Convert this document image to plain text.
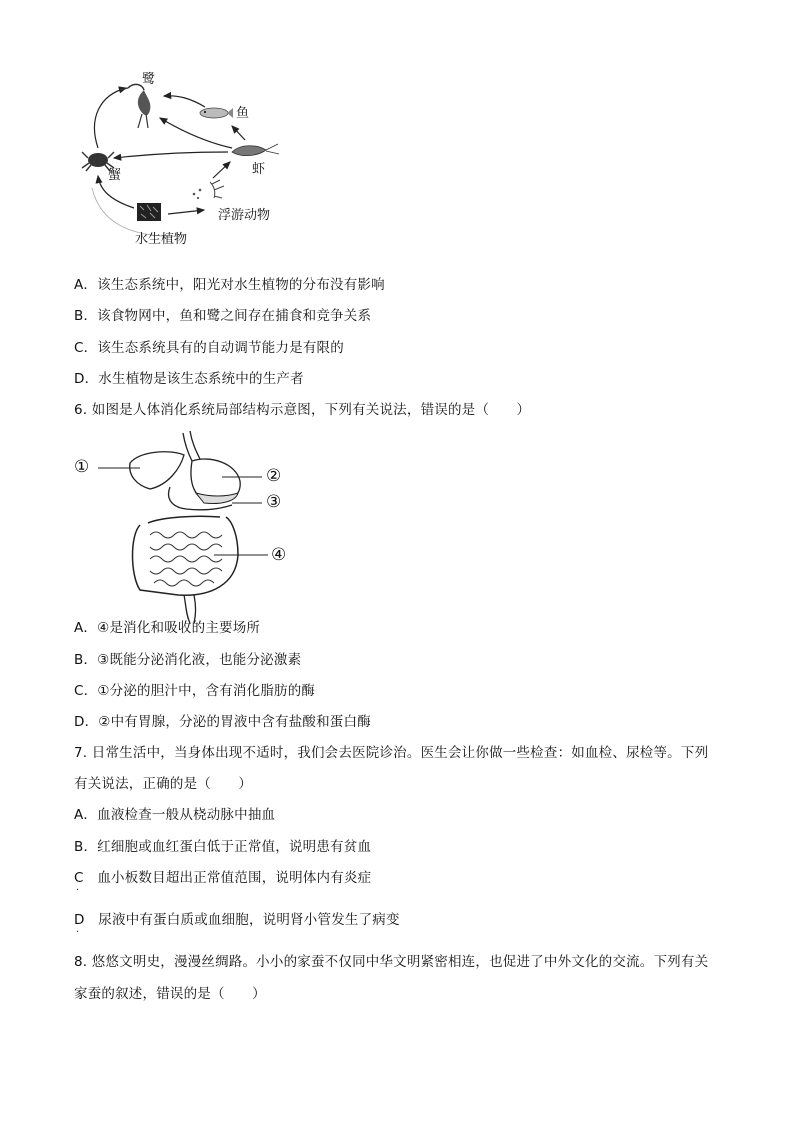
鹭
鱼
虾
蟹
浮游动物
水生植物
A．该生态系统中，阳光对水生植物的分布没有影响
B．该食物网中，鱼和鹭之间存在捕食和竞争关系
C．该生态系统具有的自动调节能力是有限的
D．水生植物是该生态系统中的生产者
6. 如图是人体消化系统局部结构示意图，下列有关说法，错误的是（　　）
①	②
③
④
A．④是消化和吸收的主要场所
B．③既能分泌消化液，也能分泌激素
C．①分泌的胆汁中，含有消化脂肪的酶
D．②中有胃腺，分泌的胃液中含有盐酸和蛋白酶
7. 日常生活中，当身体出现不适时，我们会去医院诊治。医生会让你做一些检查：如血检、尿检等。下列
有关说法，正确的是（　　）
A．血液检查一般从桡动脉中抽血
B．红细胞或血红蛋白低于正常值，说明患有贫血
C　血小板数目超出正常值范围，说明体内有炎症
·
D　尿液中有蛋白质或血细胞，说明肾小管发生了病变
·
8. 悠悠文明史，漫漫丝绸路。小小的家蚕不仅同中华文明紧密相连，也促进了中外文化的交流。下列有关
家蚕的叙述，错误的是（　　）
